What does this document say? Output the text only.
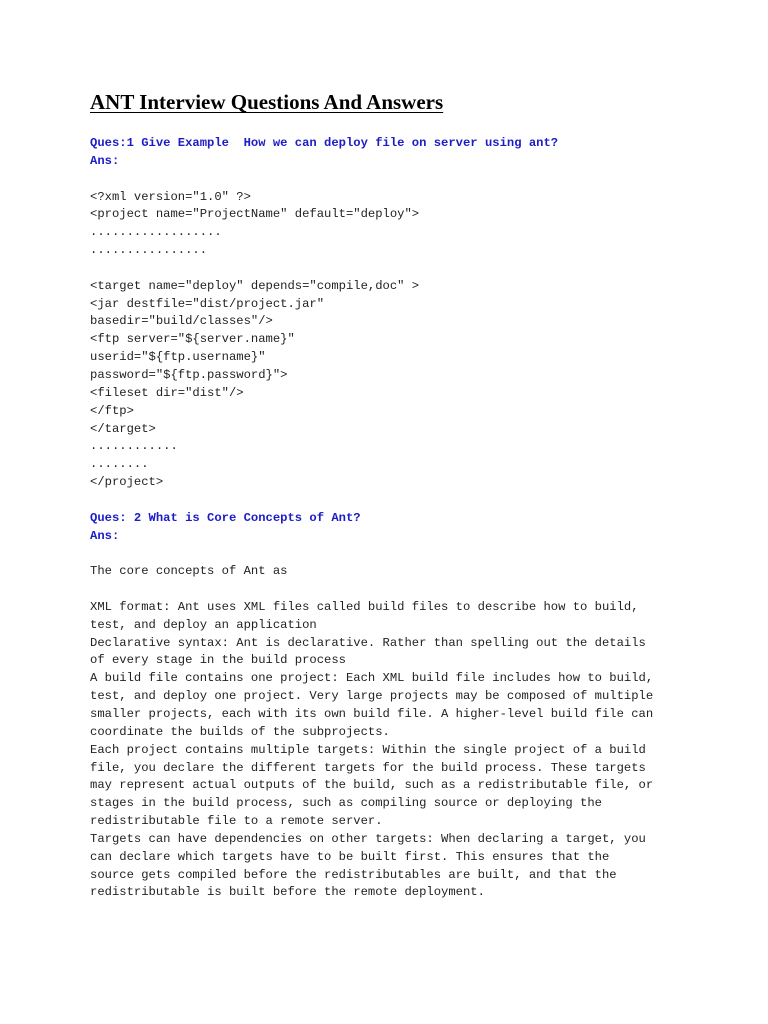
ANT Interview Questions And Answers
Ques:1 Give Example  How we can deploy file on server using ant?
Ans:
<?xml version="1.0" ?>
<project name="ProjectName" default="deploy">
..................
................
<target name="deploy" depends="compile,doc" >
<jar destfile="dist/project.jar"
basedir="build/classes"/>
<ftp server="${server.name}"
userid="${ftp.username}"
password="${ftp.password}">
<fileset dir="dist"/>
</ftp>
</target>
............
........
</project>
Ques: 2 What is Core Concepts of Ant?
Ans:
The core concepts of Ant as
XML format: Ant uses XML files called build files to describe how to build,
test, and deploy an application
Declarative syntax: Ant is declarative. Rather than spelling out the details
of every stage in the build process
A build file contains one project: Each XML build file includes how to build,
test, and deploy one project. Very large projects may be composed of multiple
smaller projects, each with its own build file. A higher-level build file can
coordinate the builds of the subprojects.
Each project contains multiple targets: Within the single project of a build
file, you declare the different targets for the build process. These targets
may represent actual outputs of the build, such as a redistributable file, or
stages in the build process, such as compiling source or deploying the
redistributable file to a remote server.
Targets can have dependencies on other targets: When declaring a target, you
can declare which targets have to be built first. This ensures that the
source gets compiled before the redistributables are built, and that the
redistributable is built before the remote deployment.
